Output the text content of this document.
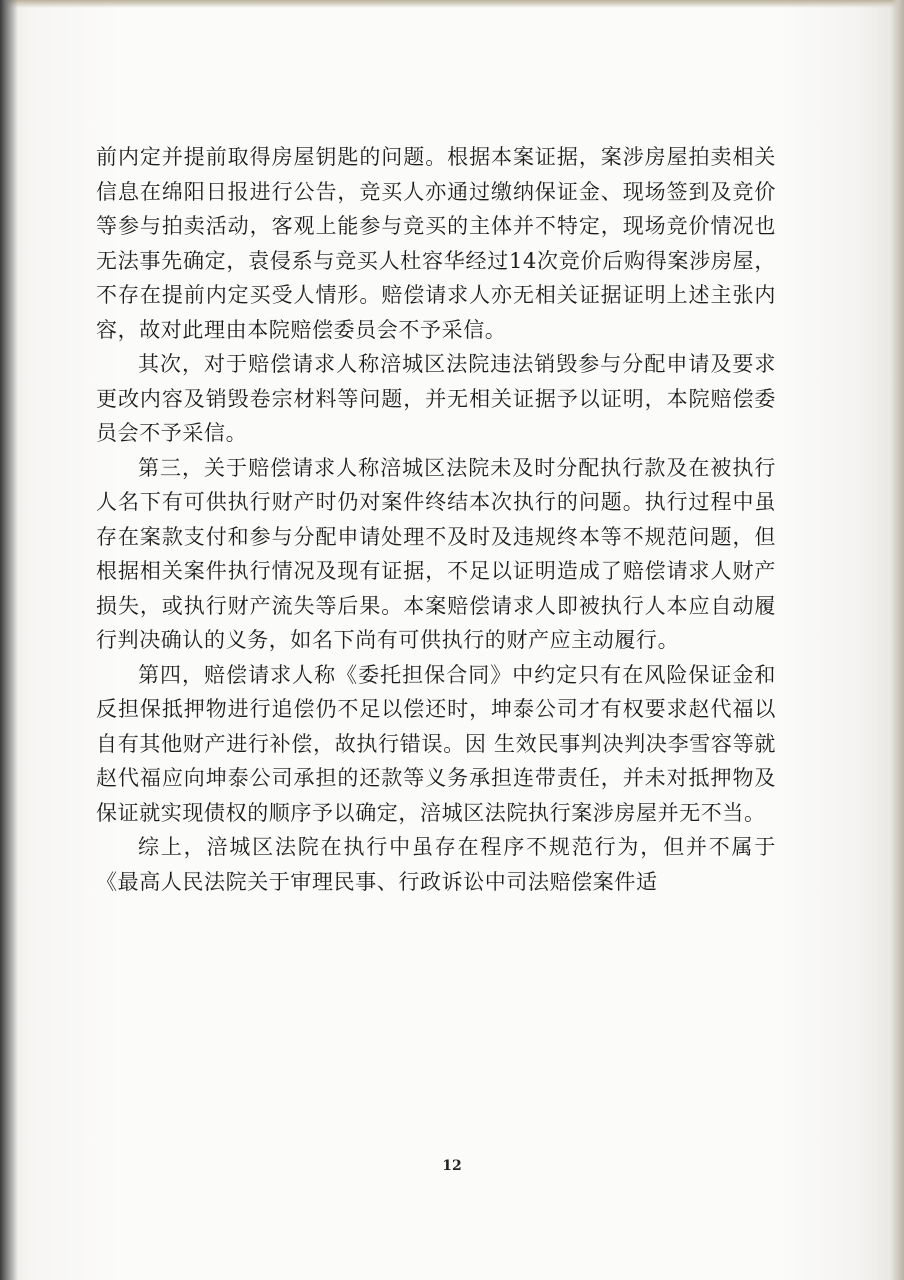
前内定并提前取得房屋钥匙的问题。根据本案证据，案涉房屋拍卖相关信息在绵阳日报进行公告，竞买人亦通过缴纳保证金、现场签到及竞价等参与拍卖活动，客观上能参与竞买的主体并不特定，现场竞价情况也无法事先确定，袁侵系与竞买人杜容华经过14次竞价后购得案涉房屋，不存在提前内定买受人情形。赔偿请求人亦无相关证据证明上述主张内容，故对此理由本院赔偿委员会不予采信。

其次，对于赔偿请求人称涪城区法院违法销毁参与分配申请及要求更改内容及销毁卷宗材料等问题，并无相关证据予以证明，本院赔偿委员会不予采信。

第三，关于赔偿请求人称涪城区法院未及时分配执行款及在被执行人名下有可供执行财产时仍对案件终结本次执行的问题。执行过程中虽存在案款支付和参与分配申请处理不及时及违规终本等不规范问题，但根据相关案件执行情况及现有证据，不足以证明造成了赔偿请求人财产损失，或执行财产流失等后果。本案赔偿请求人即被执行人本应自动履行判决确认的义务，如名下尚有可供执行的财产应主动履行。

第四，赔偿请求人称《委托担保合同》中约定只有在风险保证金和反担保抵押物进行追偿仍不足以偿还时，坤泰公司才有权要求赵代福以自有其他财产进行补偿，故执行错误。因 生效民事判决判决李雪容等就赵代福应向坤泰公司承担的还款等义务承担连带责任，并未对抵押物及保证就实现债权的顺序予以确定，涪城区法院执行案涉房屋并无不当。

综上，涪城区法院在执行中虽存在程序不规范行为，但并不属于《最高人民法院关于审理民事、行政诉讼中司法赔偿案件适

12
